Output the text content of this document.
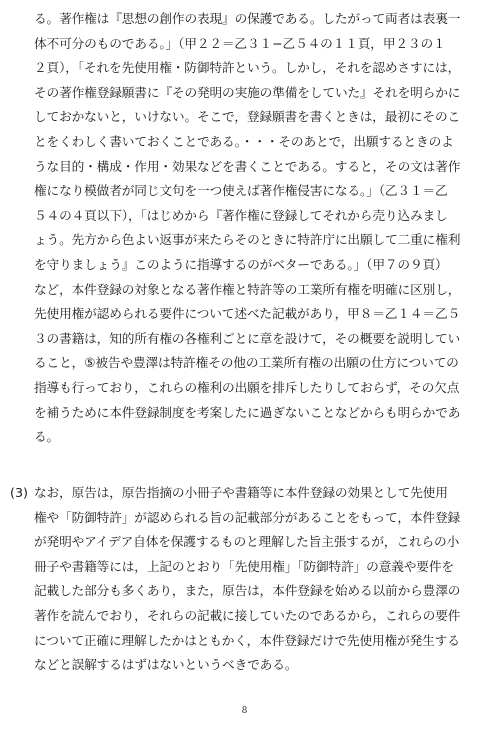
る。著作権は『思想の創作の表現』の保護である。したがって両者は表裏一
体不可分のものである。」（甲２２＝乙３１−乙５４の１１頁，甲２３の１
２頁），「それを先使用権・防御特許という。しかし，それを認めさすには，
その著作権登録願書に『その発明の実施の準備をしていた』それを明らかに
しておかないと，いけない。そこで，登録願書を書くときは，最初にそのこ
とをくわしく書いておくことである。・・・そのあとで，出願するときのよ
うな目的・構成・作用・効果などを書くことである。すると，その文は著作
権になり模做者が同じ文句を一つ使えば著作権侵害になる。」（乙３１＝乙
５４の４頁以下），「はじめから『著作権に登録してそれから売り込みまし
ょう。先方から色よい返事が来たらそのときに特許庁に出願して二重に権利
を守りましょう』このように指導するのがベターである。」（甲７の９頁）
など，本件登録の対象となる著作権と特許等の工業所有権を明確に区別し，
先使用権が認められる要件について述べた記載があり，甲８＝乙１４＝乙５
３の書籍は，知的所有権の各権利ごとに章を設けて，その概要を説明してい
ること，⑤被告や豊澤は特許権その他の工業所有権の出願の仕方についての
指導も行っており，これらの権利の出願を排斥したりしておらず，その欠点
を補うために本件登録制度を考案したに過ぎないことなどからも明らかであ
る。
(3) なお，原告は，原告指摘の小冊子や書籍等に本件登録の効果として先使用
権や「防御特許」が認められる旨の記載部分があることをもって，本件登録
が発明やアイデア自体を保護するものと理解した旨主張するが，これらの小
冊子や書籍等には，上記のとおり「先使用権」「防御特許」の意義や要件を
記載した部分も多くあり，また，原告は，本件登録を始める以前から豊澤の
著作を読んでおり，それらの記載に接していたのであるから，これらの要件
について正確に理解したかはともかく，本件登録だけで先使用権が発生する
などと誤解するはずはないというべきである。
8
